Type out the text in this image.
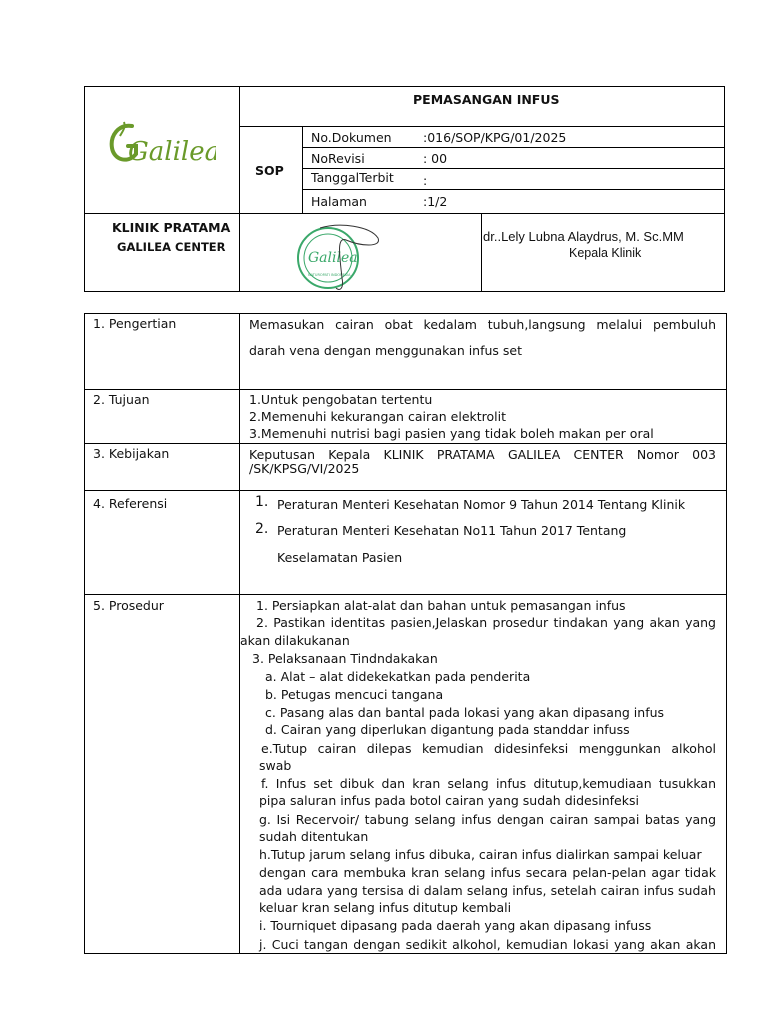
Galilea
PEMASANGAN INFUS
SOP
No.Dokumen	:016/SOP/KPG/01/2025
NoRevisi	: 00
TanggalTerbit :
Halaman	:1/2
KLINIK PRATAMA
GALILEA CENTER
Galilea
NATUROPATI INDONESIA
dr..Lely Lubna Alaydrus, M. Sc.MM
Kepala Klinik
1. Pengertian	Memasukan cairan obat kedalam tubuh,langsung melalui pembuluh
darah vena dengan menggunakan infus set
2. Tujuan	1.Untuk pengobatan tertentu
2.Memenuhi kekurangan cairan elektrolit
3.Memenuhi nutrisi bagi pasien yang tidak boleh makan per oral
3. Kebijakan	Keputusan Kepala KLINIK PRATAMA GALILEA CENTER Nomor 003
/SK/KPSG/VI/2025
4. Referensi	1. Peraturan Menteri Kesehatan Nomor 9 Tahun 2014 Tentang Klinik
2. Peraturan Menteri Kesehatan No11 Tahun 2017 Tentang
Keselamatan Pasien
5. Prosedur	1. Persiapkan alat-alat dan bahan untuk pemasangan infus
2. Pastikan identitas pasien,Jelaskan prosedur tindakan yang akan yang
akan dilakukanan
3. Pelaksanaan Tindndakakan
a. Alat – alat didekekatkan pada penderita
b. Petugas mencuci tangana
c. Pasang alas dan bantal pada lokasi yang akan dipasang infus
d. Cairan yang diperlukan digantung pada standdar infuss
e.Tutup cairan dilepas kemudian didesinfeksi menggunkan alkohol
swab
f. Infus set dibuk dan kran selang infus ditutup,kemudiaan tusukkan
pipa saluran infus pada botol cairan yang sudah didesinfeksi
g. Isi Recervoir/ tabung selang infus dengan cairan sampai batas yang
sudah ditentukan
h.Tutup jarum selang infus dibuka, cairan infus dialirkan sampai keluar
dengan cara membuka kran selang infus secara pelan-pelan agar tidak
ada udara yang tersisa di dalam selang infus, setelah cairan infus sudah
keluar kran selang infus ditutup kembali
i. Tourniquet dipasang pada daerah yang akan dipasang infuss
j. Cuci tangan dengan sedikit alkohol, kemudian lokasi yang akan akan
